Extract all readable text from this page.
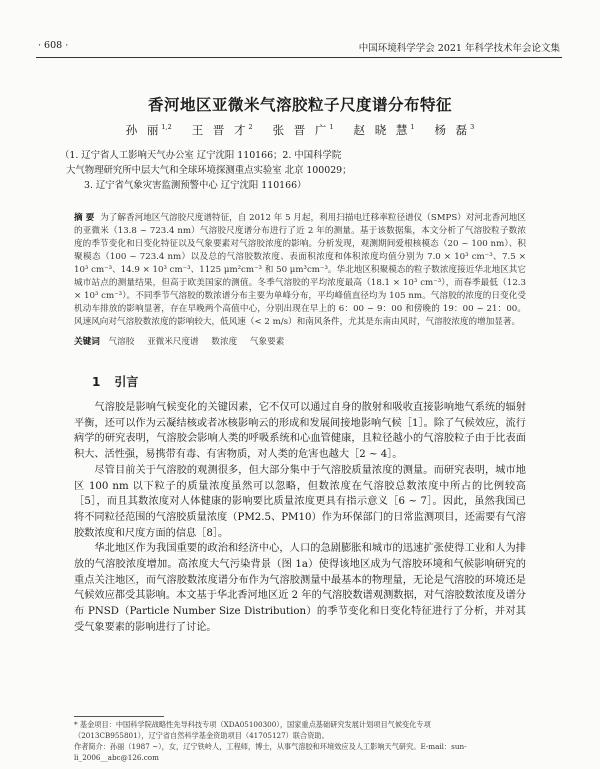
· 608 ·	中国环境科学学会 2021 年科学技术年会论文集
香河地区亚微米气溶胶粒子尺度谱分布特征
孙 丽$^{1,2}$ 王 晋 才$^2$ 张 晋 广$^1$ 赵 晓 慧$^1$ 杨 磊$^3$
（1. 辽宁省人工影响天气办公室 辽宁沈阳 110166；2. 中国科学院
大气物理研究所中层大气和全球环境探测重点实验室 北京 100029；
3. 辽宁省气象灾害监测预警中心 辽宁沈阳 110166）
摘 要 为了解香河地区气溶胶尺度谱特征，自 2012 年 5 月起，利用扫描电迁移率粒径谱仪（SMPS）对河北香河地区的亚微米（13.8 ~ 723.4 nm）气溶胶尺度谱分布进行了近 2 年的测量。基于该数据集，本文分析了气溶胶粒子数浓度的季节变化和日变化特征以及气象要素对气溶胶浓度的影响。分析发现，观测期间爱根核模态（20 ~ 100 nm）、积聚模态（100 ~ 723.4 nm）以及总的气溶胶数浓度、表面积浓度和体积浓度均值分别为 7.0 × 10³ cm⁻³、7.5 × 10³ cm⁻³、14.9 × 10³ cm⁻³、1125 μm²cm⁻³ 和 50 μm³cm⁻³。华北地区积聚模态的粒子数浓度接近华北地区其它城市站点的测量结果，但高于欧美国家的测值。冬季气溶胶的平均浓度最高（18.1 × 10³ cm⁻³），而春季最低（12.3 × 10³ cm⁻³）。不同季节气溶胶的数浓谱分布主要为单峰分布，平均峰值直径均为 105 nm。气溶胶的浓度的日变化受机动车排放的影响显著，存在早晚两个高值中心，分别出现在早上的 6：00 ~ 9：00 和傍晚的 19：00 ~ 21：00。风速风向对气溶胶数浓度的影响较大，低风速（< 2 m/s）和南风条件，尤其是东南由风时，气溶胶浓度的增加显著。
关键词 气溶胶 亚微米尺度谱 数浓度 气象要素
1 引言

气溶胶是影响气候变化的关键因素，它不仅可以通过自身的散射和吸收直接影响地气系统的辐射平衡，还可以作为云凝结核或者冰核影响云的形成和发展间接地影响气候［1］。除了气候效应，流行病学的研究表明，气溶胶会影响人类的呼吸系统和心血管健康，且粒径越小的气溶胶粒子由于比表面积大、活性强，易携带有毒、有害物质，对人类的危害也越大［2 ~ 4］。

尽管目前关于气溶胶的观测很多，但大部分集中于气溶胶质量浓度的测量。而研究表明，城市地区 100 nm 以下粒子的质量浓度虽然可以忽略，但数浓度在气溶胶总数浓度中所占的比例较高［5］，而且其数浓度对人体健康的影响要比质量浓度更具有指示意义［6 ~ 7］。因此，虽然我国已将不同粒径范围的气溶胶质量浓度（PM2.5、PM10）作为环保部门的日常监测项目，还需要有气溶胶数浓度和尺度方面的信息［8］。

华北地区作为我国重要的政治和经济中心，人口的急剧膨胀和城市的迅速扩张使得工业和人为排放的气溶胶浓度增加。高浓度大气污染背景（图 1a）使得该地区成为气溶胶环境和气候影响研究的重点关注地区，而气溶胶数浓度谱分布作为气溶胶测量中最基本的物理量，无论是气溶胶的环境还是气候效应都受其影响。本文基于华北香河地区近 2 年的气溶胶数谱观测数据，对气溶胶数浓度及谱分布 PNSD（Particle Number Size Distribution）的季节变化和日变化特征进行了分析，并对其受气象要素的影响进行了讨论。

* 基金项目：中国科学院战略性先导科技专项（XDA05100300），国家重点基础研究发展计划项目气候变化专项
（2013CB955801），辽宁省自然科学基金资助项目（41705127）联合资助。
作者简介：孙丽（1987 ~），女，辽宁铁岭人，工程师，博士，从事气溶胶和环境效应及人工影响天气研究。E-mail：sun-
li_2006__abc@126.com
